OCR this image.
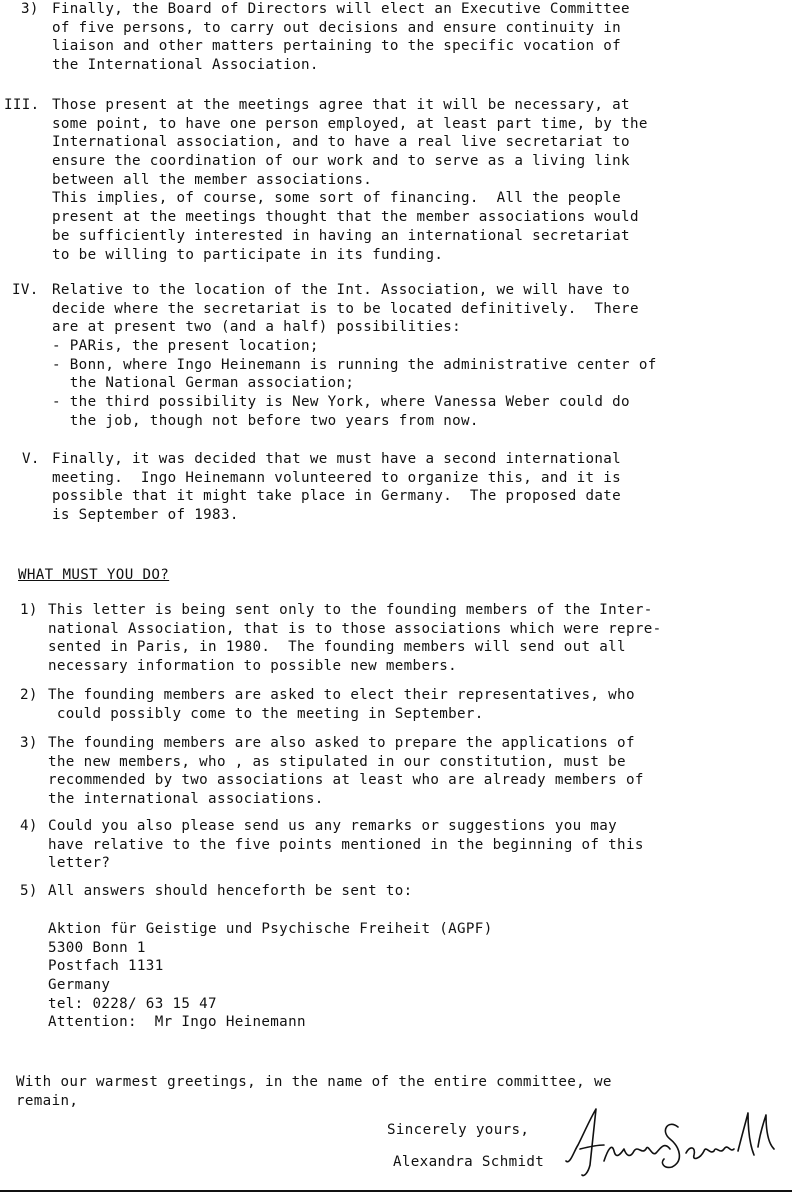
3) Finally, the Board of Directors will elect an Executive Committee
of five persons, to carry out decisions and ensure continuity in
liaison and other matters pertaining to the specific vocation of
the International Association.
III. Those present at the meetings agree that it will be necessary, at
some point, to have one person employed, at least part time, by the
International association, and to have a real live secretariat to
ensure the coordination of our work and to serve as a living link
between all the member associations.
This implies, of course, some sort of financing.  All the people
present at the meetings thought that the member associations would
be sufficiently interested in having an international secretariat
to be willing to participate in its funding.
IV. Relative to the location of the Int. Association, we will have to
decide where the secretariat is to be located definitively.  There
are at present two (and a half) possibilities:
- PARis, the present location;
- Bonn, where Ingo Heinemann is running the administrative center of
the National German association;
- the third possibility is New York, where Vanessa Weber could do
the job, though not before two years from now.
V. Finally, it was decided that we must have a second international
meeting.  Ingo Heinemann volunteered to organize this, and it is
possible that it might take place in Germany.  The proposed date
is September of 1983.
WHAT MUST YOU DO?
1) This letter is being sent only to the founding members of the Inter-
national Association, that is to those associations which were repre-
sented in Paris, in 1980.  The founding members will send out all
necessary information to possible new members.
2) The founding members are asked to elect their representatives, who
could possibly come to the meeting in September.
3) The founding members are also asked to prepare the applications of
the new members, who , as stipulated in our constitution, must be
recommended by two associations at least who are already members of
the international associations.
4) Could you also please send us any remarks or suggestions you may
have relative to the five points mentioned in the beginning of this
letter?
5) All answers should henceforth be sent to:
Aktion für Geistige und Psychische Freiheit (AGPF)
5300 Bonn 1
Postfach 1131
Germany
tel: 0228/ 63 15 47
Attention:  Mr Ingo Heinemann
With our warmest greetings, in the name of the entire committee, we
remain,
Sincerely yours,
Alexandra Schmidt
